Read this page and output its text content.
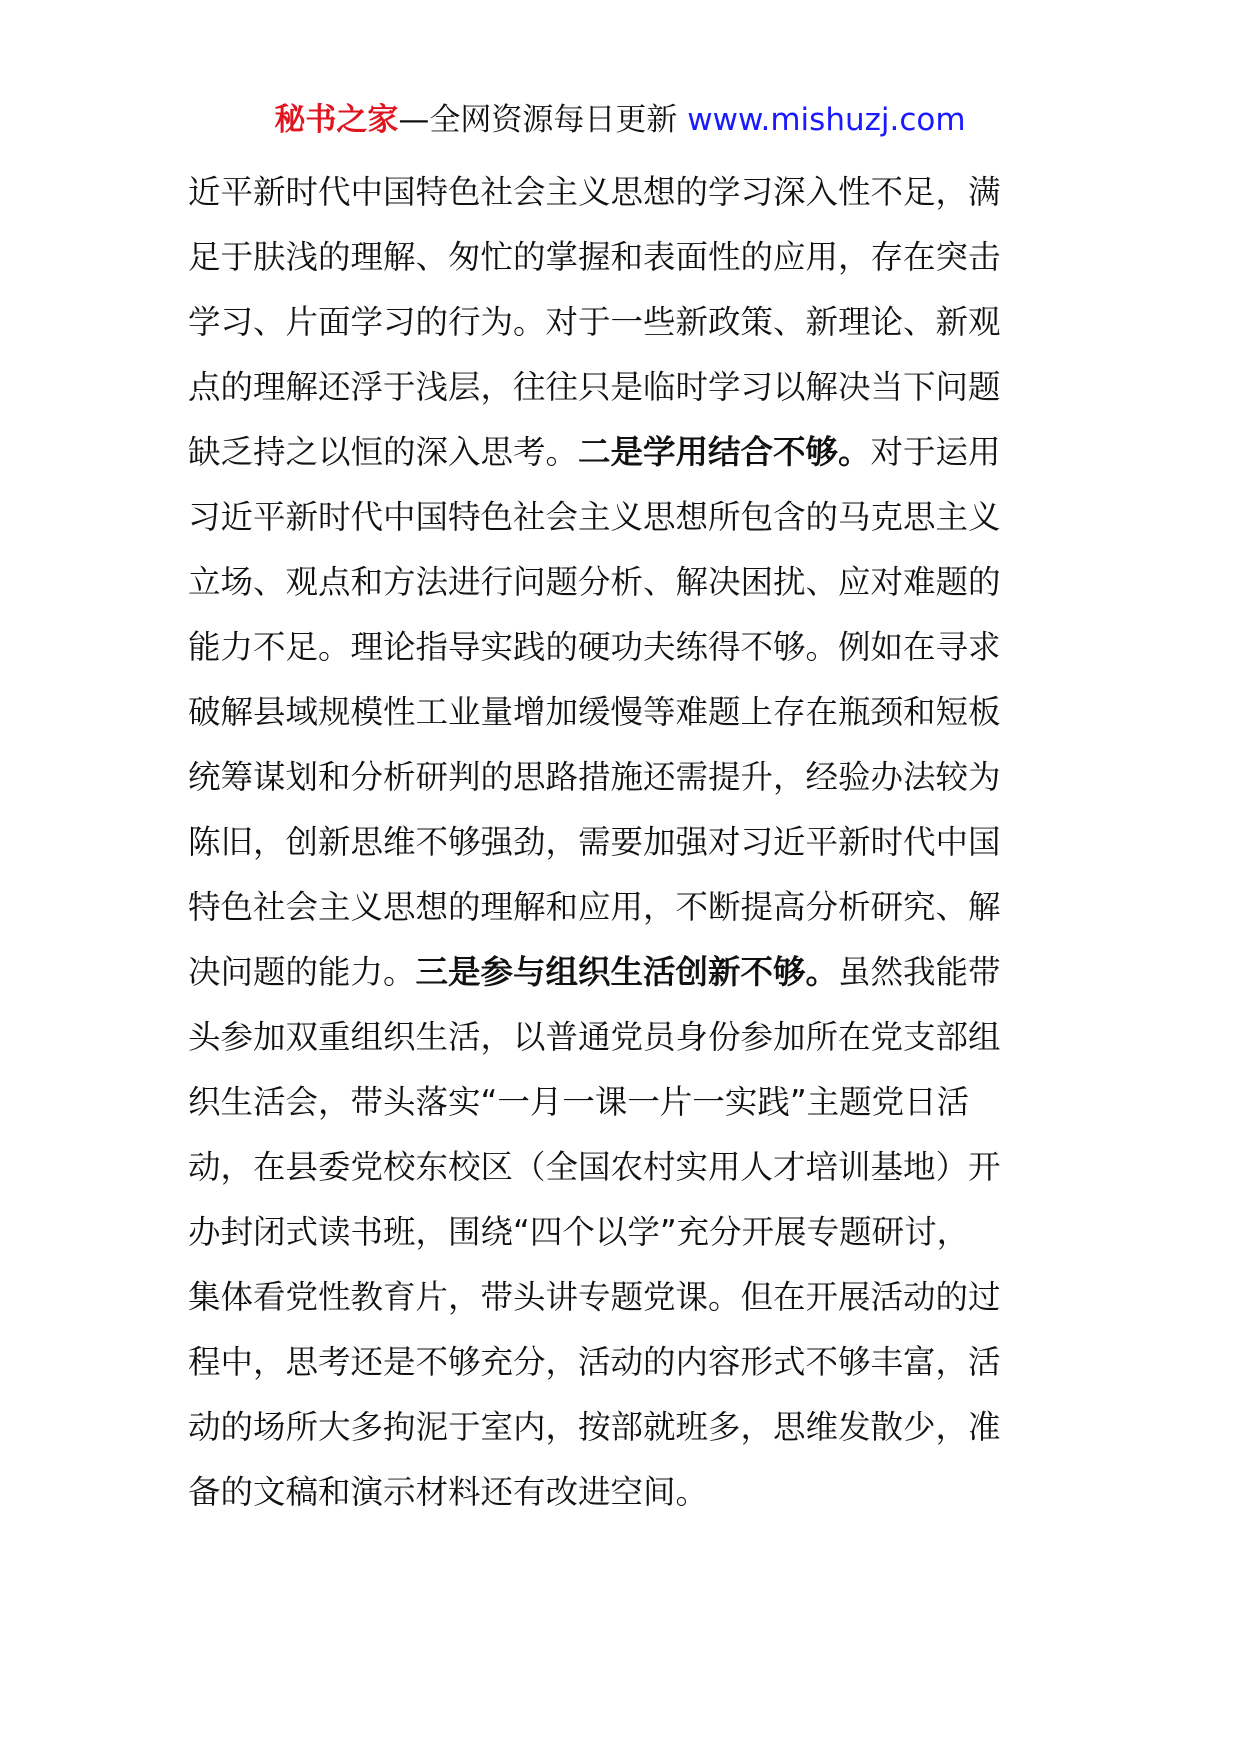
秘书之家—全网资源每日更新 www.mishuzj.com
近平新时代中国特色社会主义思想的学习深入性不足，满
足于肤浅的理解、匆忙的掌握和表面性的应用，存在突击
学习、片面学习的行为。对于一些新政策、新理论、新观
点的理解还浮于浅层，往往只是临时学习以解决当下问题
缺乏持之以恒的深入思考。二是学用结合不够。对于运用
习近平新时代中国特色社会主义思想所包含的马克思主义
立场、观点和方法进行问题分析、解决困扰、应对难题的
能力不足。理论指导实践的硬功夫练得不够。例如在寻求
破解县域规模性工业量增加缓慢等难题上存在瓶颈和短板
统筹谋划和分析研判的思路措施还需提升，经验办法较为
陈旧，创新思维不够强劲，需要加强对习近平新时代中国
特色社会主义思想的理解和应用，不断提高分析研究、解
决问题的能力。三是参与组织生活创新不够。虽然我能带
头参加双重组织生活，以普通党员身份参加所在党支部组
织生活会，带头落实“一月一课一片一实践”主题党日活
动，在县委党校东校区（全国农村实用人才培训基地）开
办封闭式读书班，围绕“四个以学”充分开展专题研讨，
集体看党性教育片，带头讲专题党课。但在开展活动的过
程中，思考还是不够充分，活动的内容形式不够丰富，活
动的场所大多拘泥于室内，按部就班多，思维发散少，准
备的文稿和演示材料还有改进空间。
